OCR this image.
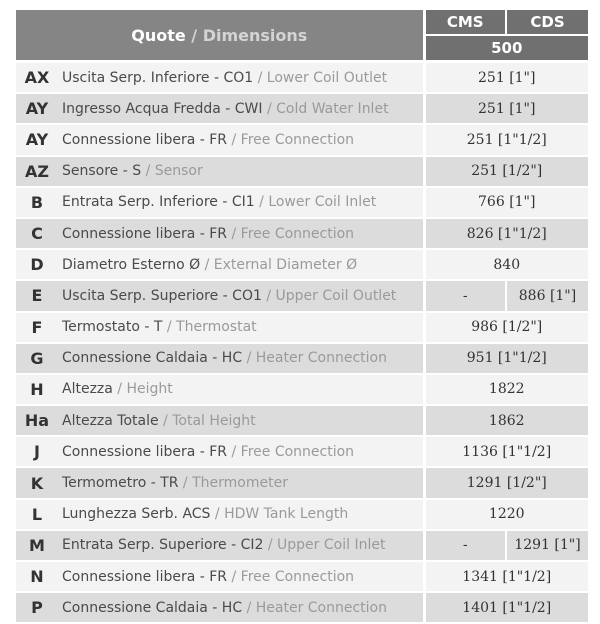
Quote / Dimensions		CMS	CDS
		500	
AX	Uscita Serp. Inferiore - CO1 / Lower Coil Outlet	251 [1"]	
AY	Ingresso Acqua Fredda - CWI / Cold Water Inlet	251 [1"]	
AY	Connessione libera - FR / Free Connection	251 [1"1/2]	
AZ	Sensore - S / Sensor	251 [1/2"]	
B	Entrata Serp. Inferiore - CI1 / Lower Coil Inlet	766 [1"]	
C	Connessione libera - FR / Free Connection	826 [1"1/2]	
D	Diametro Esterno Ø / External Diameter Ø	840	
E	Uscita Serp. Superiore - CO1 / Upper Coil Outlet	-	886 [1"]
F	Termostato - T / Thermostat	986 [1/2"]	
G	Connessione Caldaia - HC / Heater Connection	951 [1"1/2]	
H	Altezza / Height	1822	
Ha	Altezza Totale / Total Height	1862	
J	Connessione libera - FR / Free Connection	1136 [1"1/2]	
K	Termometro - TR / Thermometer	1291 [1/2"]	
L	Lunghezza Serb. ACS / HDW Tank Length	1220	
M	Entrata Serp. Superiore - CI2 / Upper Coil Inlet	-	1291 [1"]
N	Connessione libera - FR / Free Connection	1341 [1"1/2]	
P	Connessione Caldaia - HC / Heater Connection	1401 [1"1/2]	
